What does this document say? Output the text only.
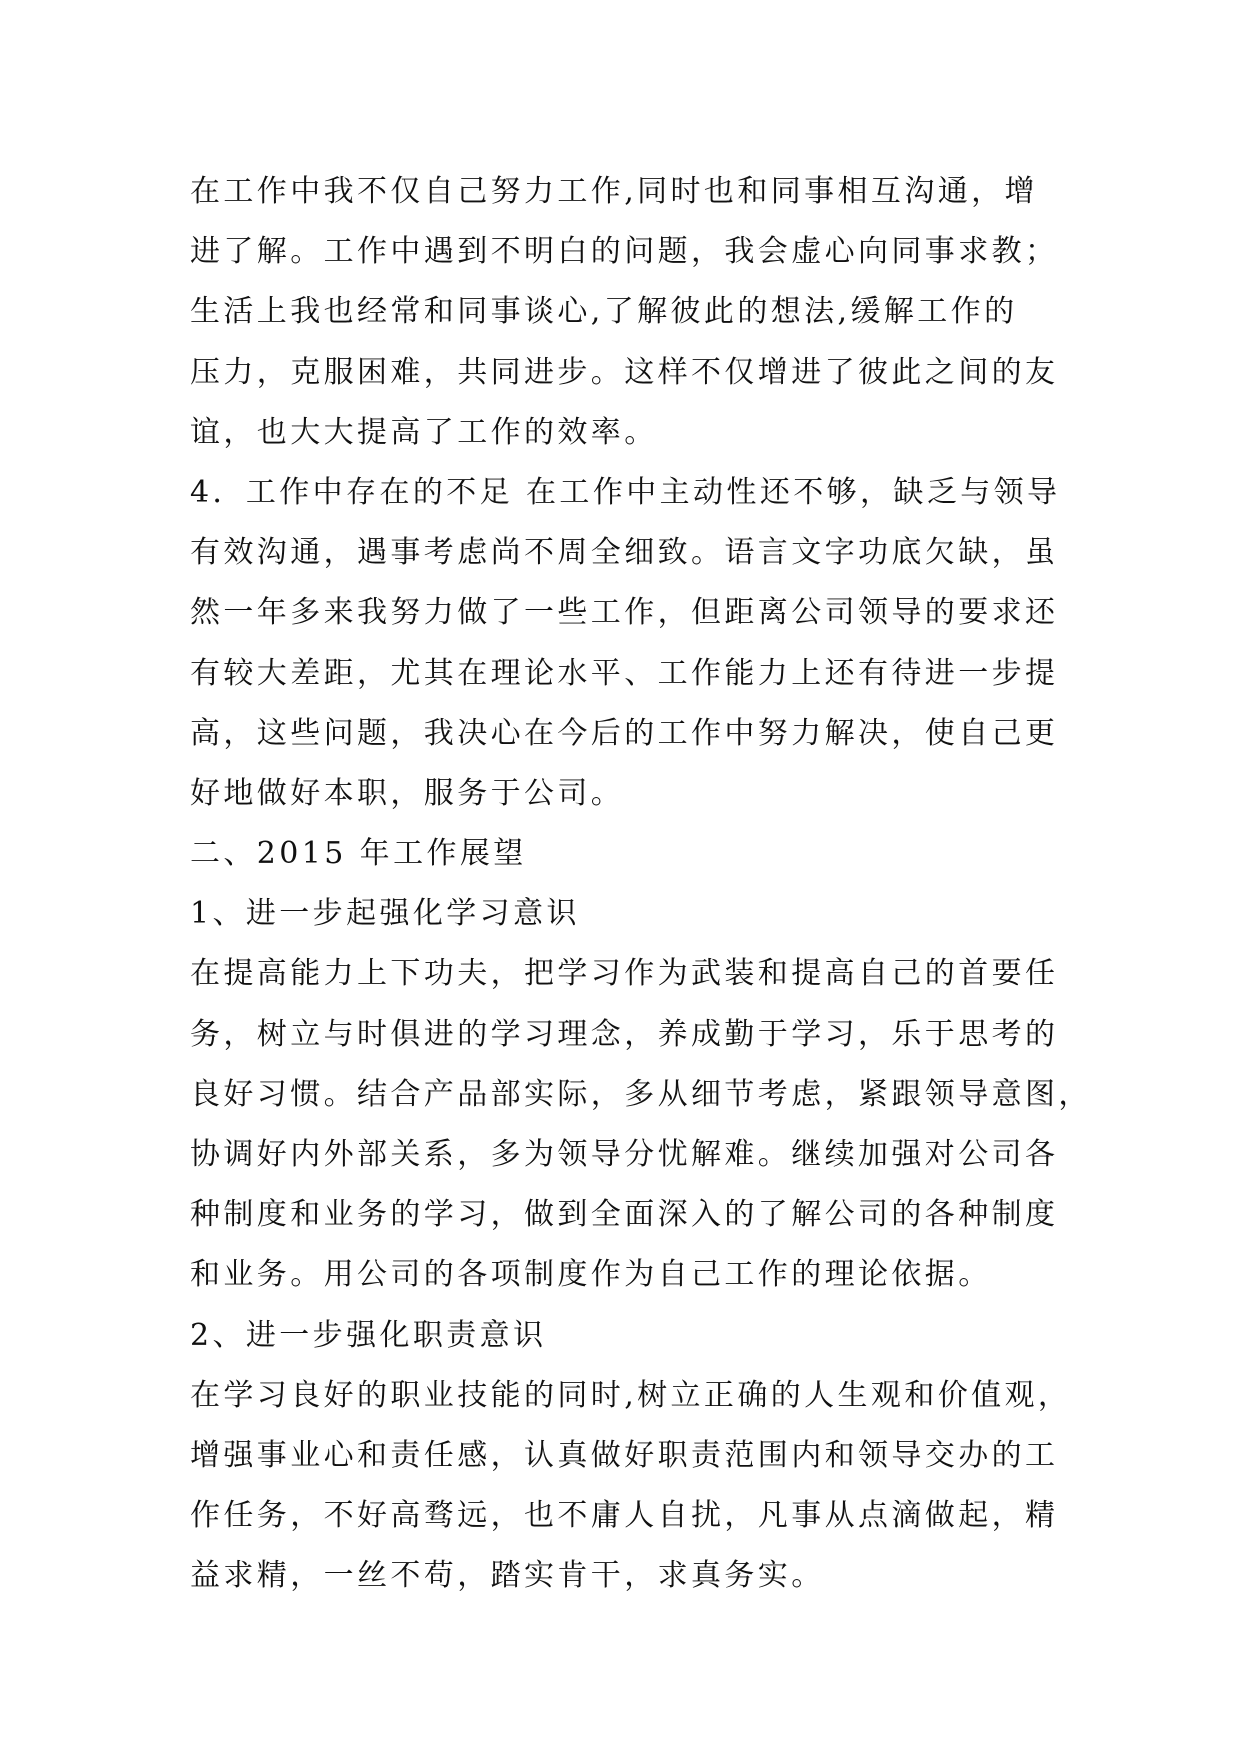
在工作中我不仅自己努力工作,同时也和同事相互沟通，增
进了解。工作中遇到不明白的问题，我会虚心向同事求教；
生活上我也经常和同事谈心,了解彼此的想法,缓解工作的
压力，克服困难，共同进步。这样不仅增进了彼此之间的友
谊，也大大提高了工作的效率。
4．工作中存在的不足 在工作中主动性还不够，缺乏与领导
有效沟通，遇事考虑尚不周全细致。语言文字功底欠缺，虽
然一年多来我努力做了一些工作，但距离公司领导的要求还
有较大差距，尤其在理论水平、工作能力上还有待进一步提
高，这些问题，我决心在今后的工作中努力解决，使自己更
好地做好本职，服务于公司。
二、2015 年工作展望
1、进一步起强化学习意识
在提高能力上下功夫，把学习作为武装和提高自己的首要任
务，树立与时俱进的学习理念，养成勤于学习，乐于思考的
良好习惯。结合产品部实际，多从细节考虑，紧跟领导意图，
协调好内外部关系，多为领导分忧解难。继续加强对公司各
种制度和业务的学习，做到全面深入的了解公司的各种制度
和业务。用公司的各项制度作为自己工作的理论依据。
2、进一步强化职责意识
在学习良好的职业技能的同时,树立正确的人生观和价值观，
增强事业心和责任感，认真做好职责范围内和领导交办的工
作任务，不好高骛远，也不庸人自扰，凡事从点滴做起，精
益求精，一丝不苟，踏实肯干，求真务实。
